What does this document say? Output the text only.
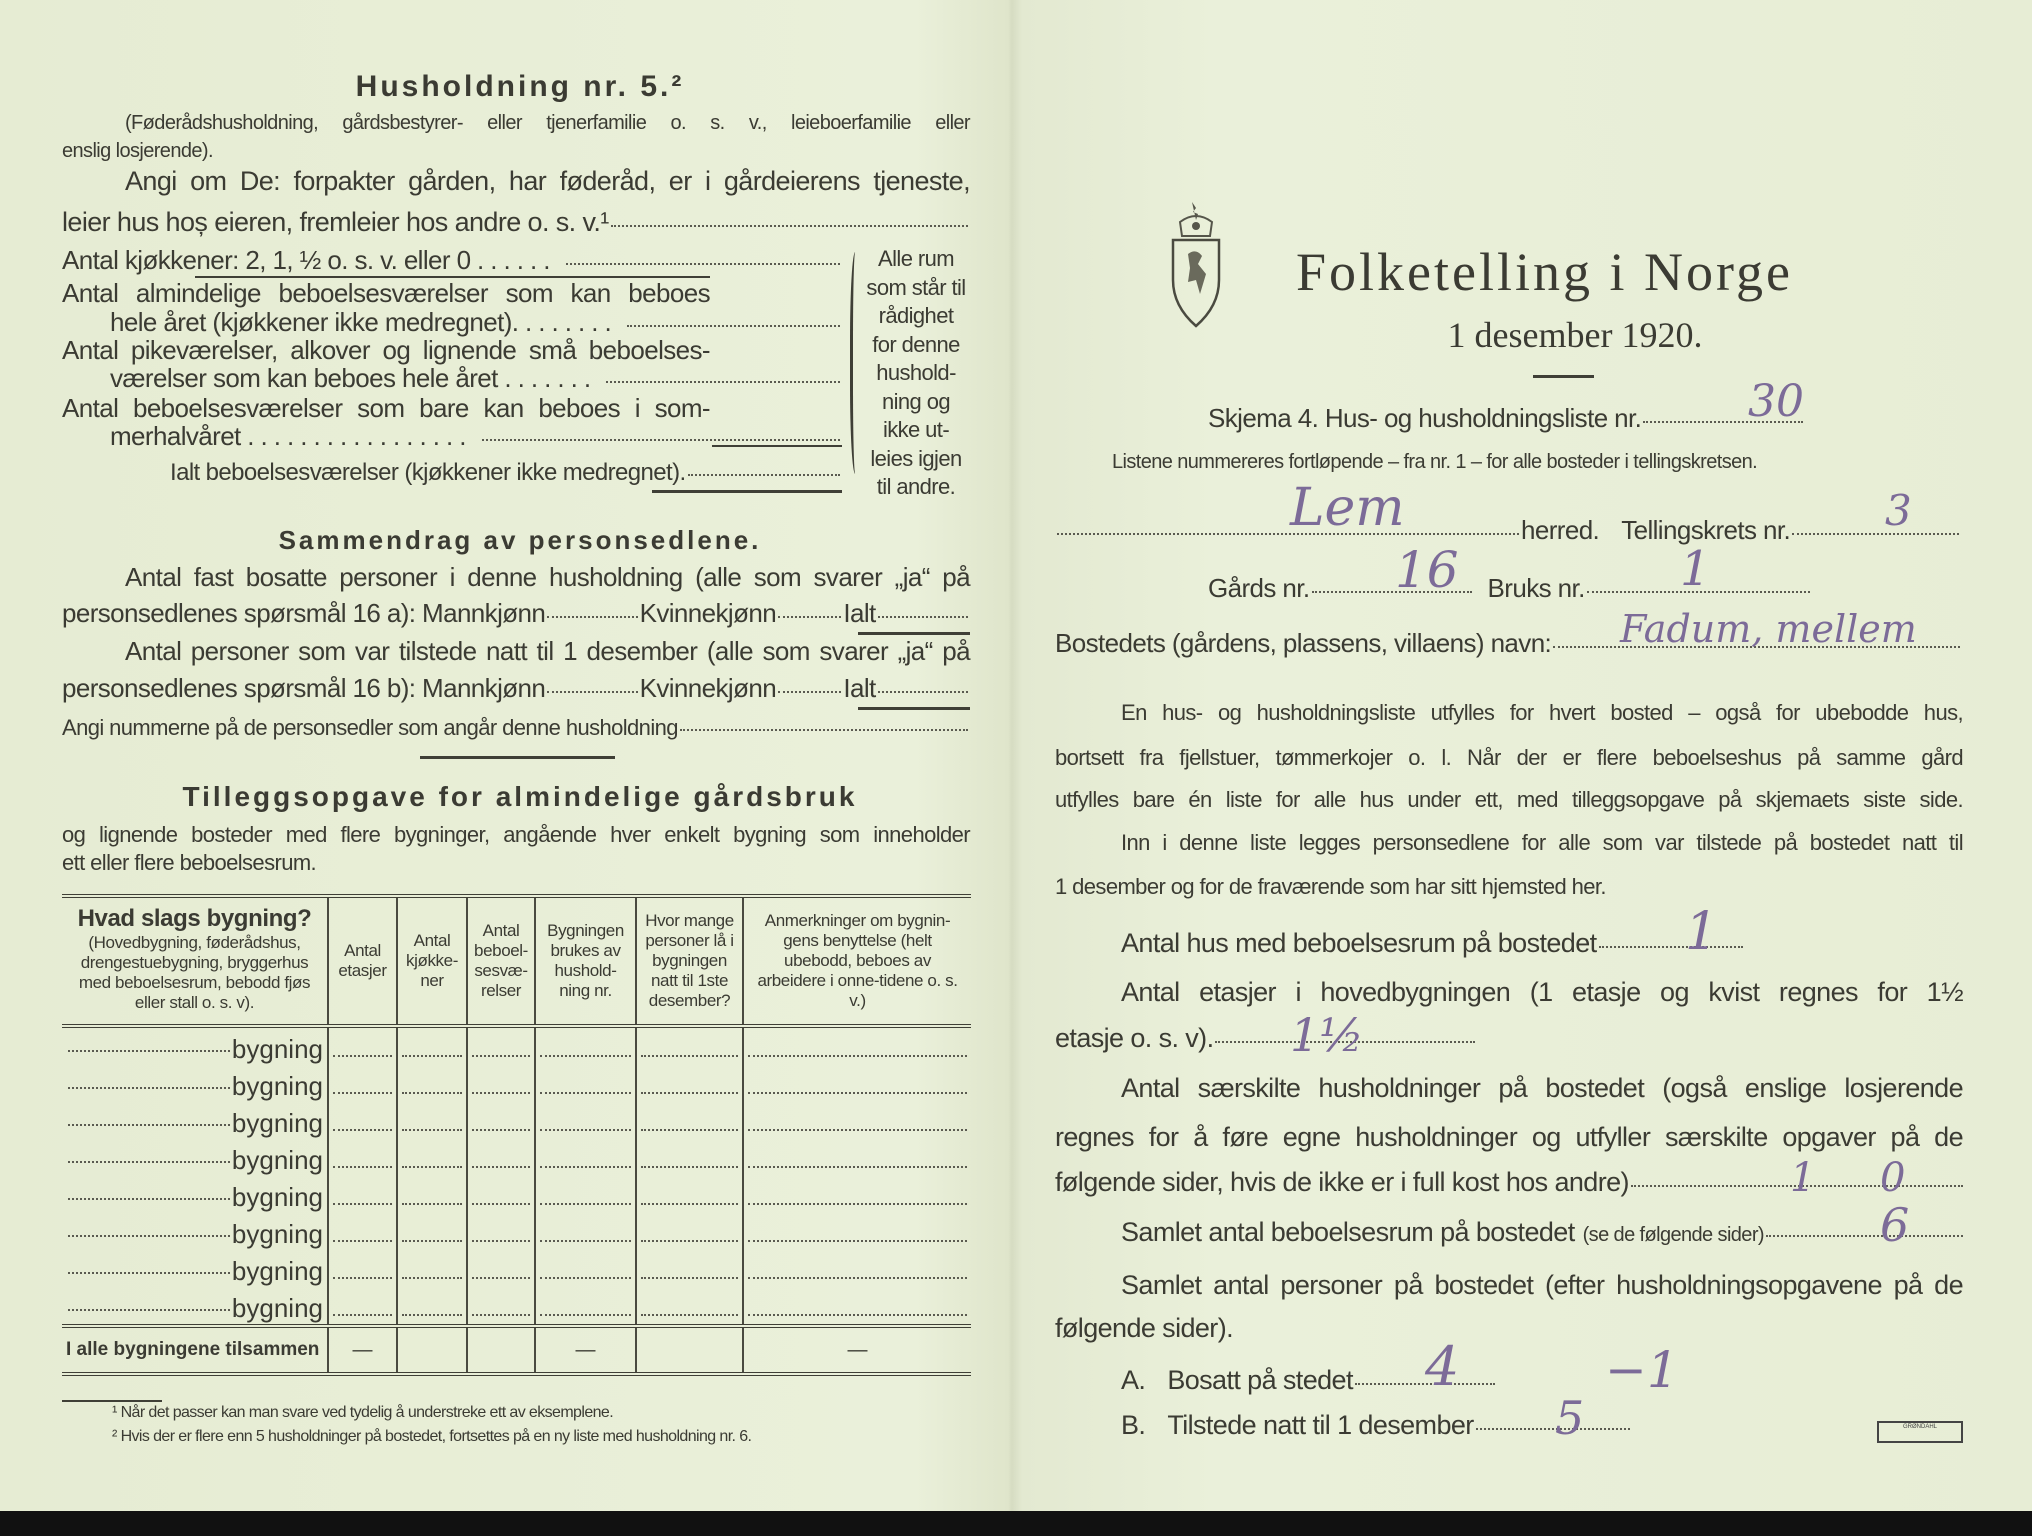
Husholdning nr. 5.²
(Føderådshusholdning, gårdsbestyrer- eller tjenerfamilie o. s. v., leieboerfamilie eller
enslig losjerende).
Angi om De: forpakter gården, har føderåd, er i gårdeierens tjeneste,
leier hus hoș eieren, fremleier hos andre o. s. v.¹
Antal kjøkkener: 2, 1, ½ o. s. v. eller 0 . . . . . .
Antal almindelige beboelsesværelser som kan beboes
hele året (kjøkkener ikke medregnet). . . . . . . .
Antal pikeværelser, alkover og lignende små beboelses-
værelser som kan beboes hele året . . . . . . .
Antal beboelsesværelser som bare kan beboes i som-
merhalvåret . . . . . . . . . . . . . . . . .
Ialt beboelsesværelser (kjøkkener ikke medregnet).
Alle rum
som står til
rådighet
for denne
hushold-
ning og
ikke ut-
leies igjen
til andre.
Sammendrag av personsedlene.
Antal fast bosatte personer i denne husholdning (alle som svarer „ja“ på
personsedlenes spørsmål 16 a): Mannkjønn	Kvinnekjønn	Ialt
Antal personer som var tilstede natt til 1 desember (alle som svarer „ja“ på
personsedlenes spørsmål 16 b): Mannkjønn	Kvinnekjønn	Ialt
Angi nummerne på de personsedler som angår denne husholdning
Tilleggsopgave for almindelige gårdsbruk
og lignende bosteder med flere bygninger, angående hver enkelt bygning som inneholder
ett eller flere beboelsesrum.
Hvad slags bygning?
(Hovedbygning, føderådshus, drengestuebygning, bryggerhus med beboelsesrum, bebodd fjøs eller stall o. s. v).	Antal etasjer	Antal kjøkke-ner	Antal beboel-sesvæ-relser	Bygningen brukes av hushold-ning nr.	Hvor mange personer lå i bygningen natt til 1ste desember?	Anmerkninger om bygnin-gens benyttelse (helt ubebodd, beboes av arbeidere i onne-tidene o. s. v.)

bygning						

bygning						

bygning						

bygning						

bygning						

bygning						

bygning						

bygning						

I alle bygningene tilsammen	—			—		—
¹ Når det passer kan man svare ved tydelig å understreke ett av eksemplene.
² Hvis der er flere enn 5 husholdninger på bostedet, fortsettes på en ny liste med husholdning nr. 6.
Folketelling i Norge
1 desember 1920.
Skjema 4. Hus- og husholdningsliste nr. 30
Listene nummereres fortløpende – fra nr. 1 – for alle bosteder i tellingskretsen.
herred. Tellingskrets nr.
Lem	3
Gårds nr.	Bruks nr.
16	1
Bostedets (gårdens, plassens, villaens) navn: Fadum, mellem
En hus- og husholdningsliste utfylles for hvert bosted – også for ubebodde hus,
bortsett fra fjellstuer, tømmerkojer o. l. Når der er flere beboelseshus på samme gård
utfylles bare én liste for alle hus under ett, med tilleggsopgave på skjemaets siste side.
Inn i denne liste legges personsedlene for alle som var tilstede på bostedet natt til
1 desember og for de fraværende som har sitt hjemsted her.
Antal hus med beboelsesrum på bostedet 1
Antal etasjer i hovedbygningen (1 etasje og kvist regnes for 1½
etasje o. s. v). 1½
Antal særskilte husholdninger på bostedet (også enslige losjerende
regnes for å føre egne husholdninger og utfyller særskilte opgaver på de
følgende sider, hvis de ikke er i full kost hos andre)	1 0
Samlet antal beboelsesrum på bostedet (se de følgende sider)	6
Samlet antal personer på bostedet (efter husholdningsopgavene på de
følgende sider).
A. Bosatt på stedet 4
B. Tilstede natt til 1 desember 5
−1
GRØNDAHL
